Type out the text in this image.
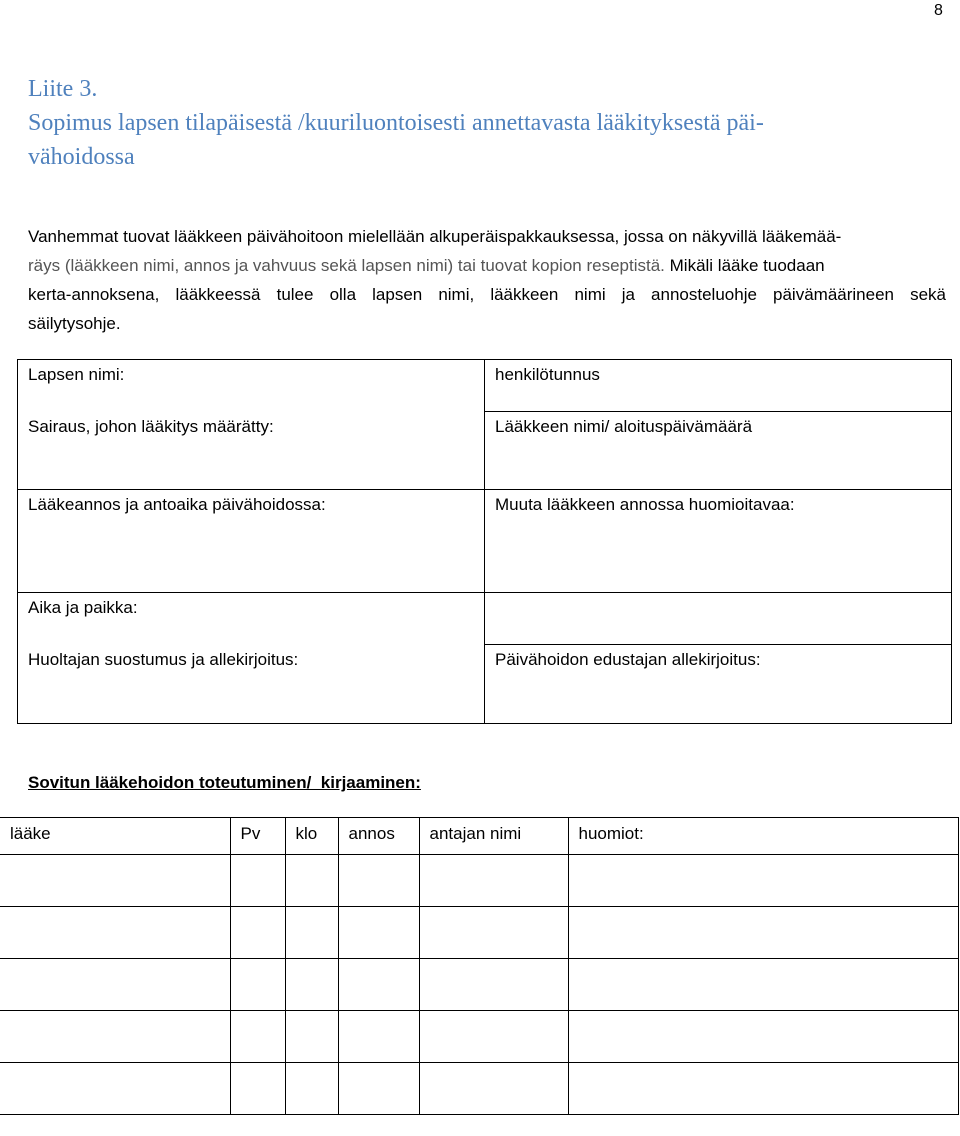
8
Liite 3.
Sopimus lapsen tilapäisestä /kuuriluontoisesti annettavasta lääkityksestä päi-
vähoidossa
Vanhemmat tuovat lääkkeen päivähoitoon mielellään alkuperäispakkauksessa, jossa on näkyvillä lääkemää-
räys (lääkkeen nimi, annos ja vahvuus sekä lapsen nimi) tai tuovat kopion reseptistä. Mikäli lääke tuodaan
kerta-annoksena, lääkkeessä tulee olla lapsen nimi, lääkkeen nimi ja annosteluohje päivämäärineen sekä
säilytysohje.
Lapsen nimi:	henkilötunnus
Sairaus, johon lääkitys määrätty:	Lääkkeen nimi/ aloituspäivämäärä
Lääkeannos ja antoaika päivähoidossa:	Muuta lääkkeen annossa huomioitavaa:
Aika ja paikka:	
Huoltajan suostumus ja allekirjoitus:	Päivähoidon edustajan allekirjoitus:
Sovitun lääkehoidon toteutuminen/  kirjaaminen:
lääke	Pv	klo	annos	antajan nimi	huomiot:
